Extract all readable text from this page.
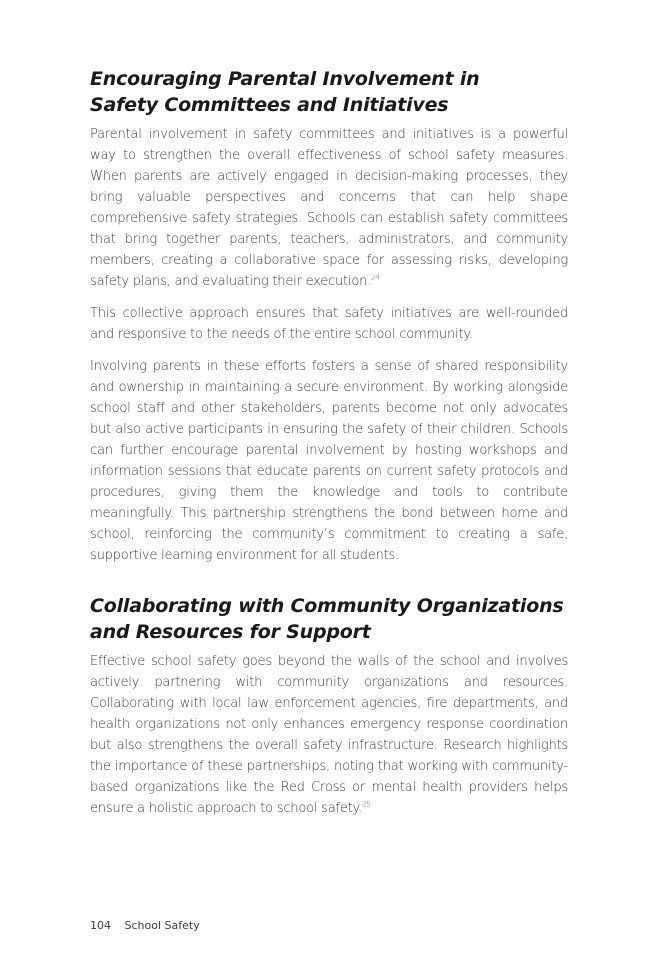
Encouraging Parental Involvement in
Safety Committees and Initiatives

Parental involvement in safety committees and initiatives is a powerful way to strengthen the overall effectiveness of school safety measures. When parents are actively engaged in decision-making processes, they bring valuable perspectives and concerns that can help shape comprehensive safety strategies. Schools can establish safety committees that bring together parents, teachers, administrators, and community members, creating a collaborative space for assessing risks, developing safety plans, and evaluating their execution.$^{24}$

This collective approach ensures that safety initiatives are well-rounded and responsive to the needs of the entire school community.

Involving parents in these efforts fosters a sense of shared responsibility and ownership in maintaining a secure environment. By working alongside school staff and other stakeholders, parents become not only advocates but also active participants in ensuring the safety of their children. Schools can further encourage parental involvement by hosting workshops and information sessions that educate parents on current safety protocols and procedures, giving them the knowledge and tools to contribute meaningfully. This partnership strengthens the bond between home and school, reinforcing the community’s commitment to creating a safe, supportive learning environment for all students.

Collaborating with Community Organizations
and Resources for Support

Effective school safety goes beyond the walls of the school and involves actively partnering with community organizations and resources. Collaborating with local law enforcement agencies, fire departments, and health organizations not only enhances emergency response coordination but also strengthens the overall safety infrastructure. Research highlights the importance of these partnerships, noting that working with community-based organizations like the Red Cross or mental health providers helps ensure a holistic approach to school safety.$^{25}$

104 School Safety
